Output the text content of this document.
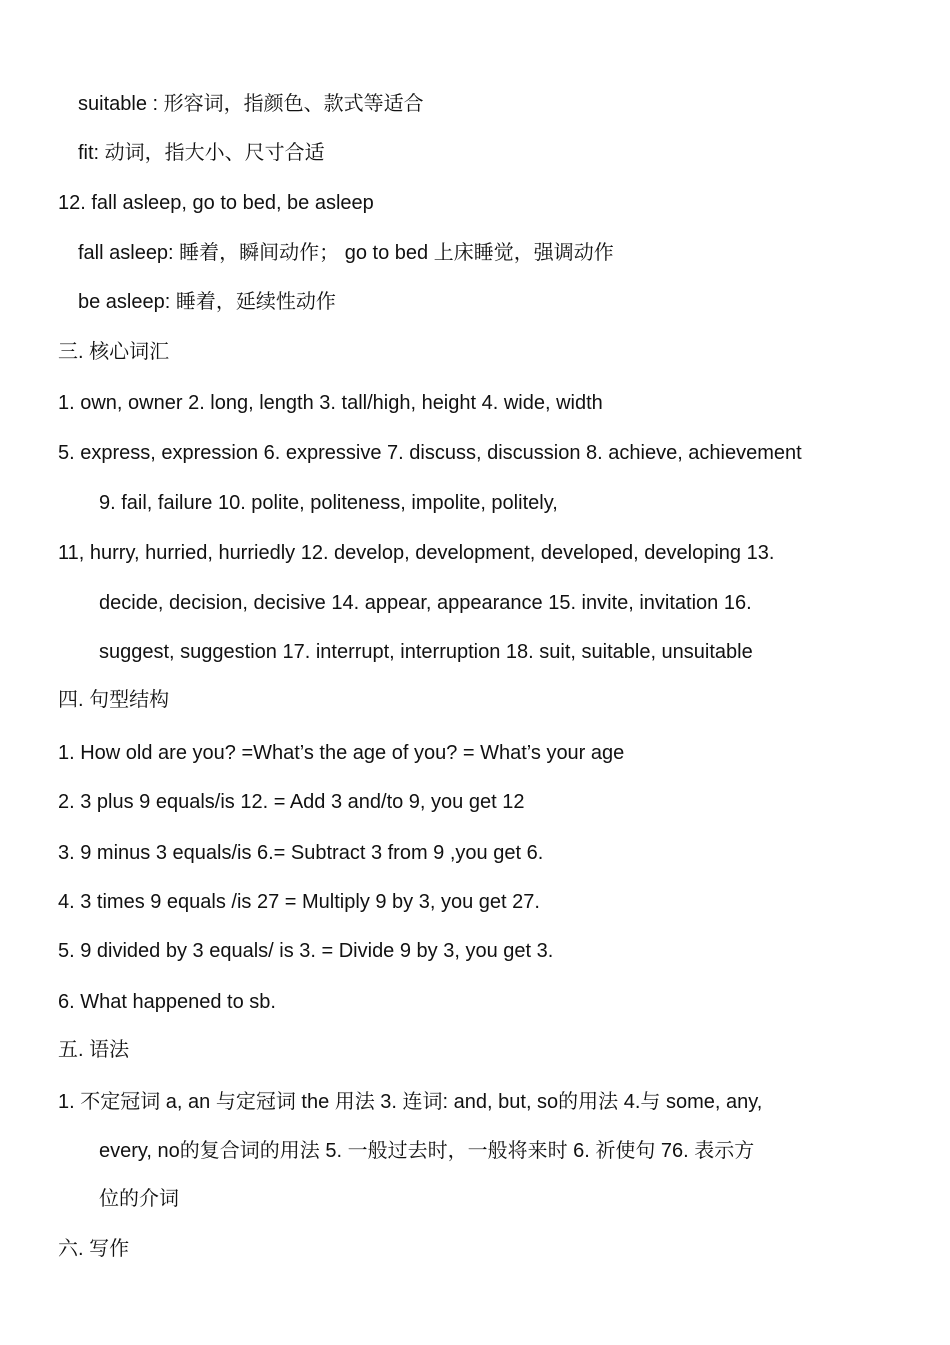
suitable : 形容词，指颜色、款式等适合
fit: 动词，指大小、尺寸合适
12. fall asleep, go to bed, be asleep
fall asleep: 睡着，瞬间动作； go to bed 上床睡觉，强调动作
be asleep: 睡着，延续性动作
三. 核心词汇
1. own, owner 2. long, length 3. tall/high, height 4. wide, width
5. express, expression 6. expressive 7. discuss, discussion 8. achieve, achievement
9. fail, failure 10. polite, politeness, impolite, politely,
11, hurry, hurried, hurriedly 12. develop, development, developed, developing 13.
decide, decision, decisive 14. appear, appearance 15. invite, invitation 16.
suggest, suggestion 17. interrupt, interruption 18. suit, suitable, unsuitable
四. 句型结构
1. How old are you? =What’s the age of you? = What’s your age
2. 3 plus 9 equals/is 12. = Add 3 and/to 9, you get 12
3. 9 minus 3 equals/is 6.= Subtract 3 from 9 ,you get 6.
4. 3 times 9 equals /is 27 = Multiply 9 by 3, you get 27.
5. 9 divided by 3 equals/ is 3. = Divide 9 by 3, you get 3.
6. What happened to sb.
五. 语法
1. 不定冠词 a, an 与定冠词 the 用法 3. 连词: and, but, so的用法 4.与 some, any,
every, no的复合词的用法 5. 一般过去时，一般将来时 6. 祈使句 76. 表示方
位的介词
六. 写作
